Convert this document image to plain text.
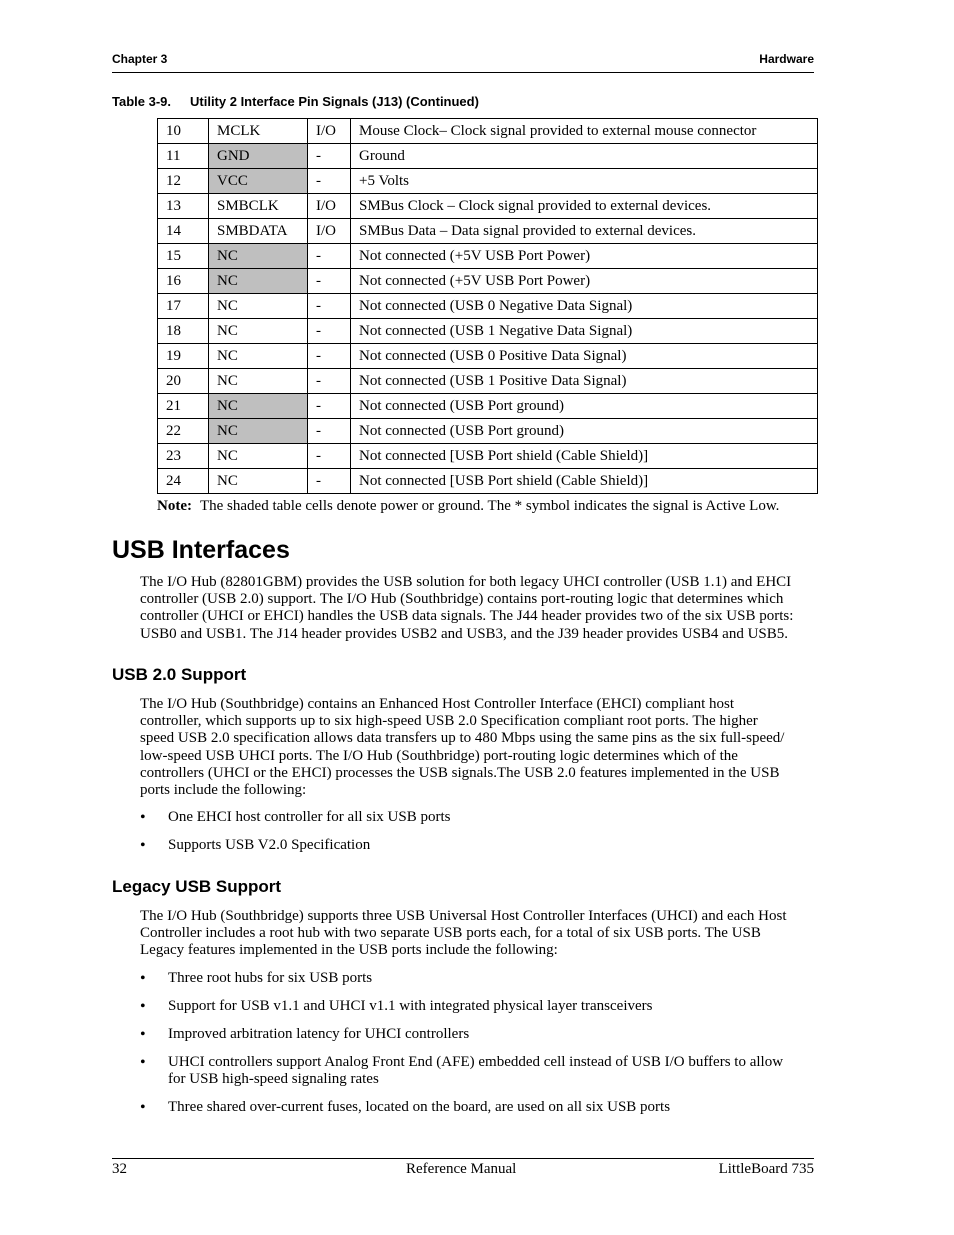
Chapter 3	Hardware
Table 3-9. Utility 2 Interface Pin Signals (J13) (Continued)
10	MCLK	I/O	Mouse Clock– Clock signal provided to external mouse connector
11	GND	-	Ground
12	VCC	-	+5 Volts
13	SMBCLK	I/O	SMBus Clock – Clock signal provided to external devices.
14	SMBDATA	I/O	SMBus Data – Data signal provided to external devices.
15	NC	-	Not connected (+5V USB Port Power)
16	NC	-	Not connected (+5V USB Port Power)
17	NC	-	Not connected (USB 0 Negative Data Signal)
18	NC	-	Not connected (USB 1 Negative Data Signal)
19	NC	-	Not connected (USB 0 Positive Data Signal)
20	NC	-	Not connected (USB 1 Positive Data Signal)
21	NC	-	Not connected (USB Port ground)
22	NC	-	Not connected (USB Port ground)
23	NC	-	Not connected [USB Port shield (Cable Shield)]
24	NC	-	Not connected [USB Port shield (Cable Shield)]
Note: The shaded table cells denote power or ground. The * symbol indicates the signal is Active Low.
USB Interfaces

The I/O Hub (82801GBM) provides the USB solution for both legacy UHCI controller (USB 1.1) and EHCI
controller (USB 2.0) support. The I/O Hub (Southbridge) contains port-routing logic that determines which
controller (UHCI or EHCI) handles the USB data signals. The J44 header provides two of the six USB ports:
USB0 and USB1. The J14 header provides USB2 and USB3, and the J39 header provides USB4 and USB5.

USB 2.0 Support

The I/O Hub (Southbridge) contains an Enhanced Host Controller Interface (EHCI) compliant host
controller, which supports up to six high-speed USB 2.0 Specification compliant root ports. The higher
speed USB 2.0 specification allows data transfers up to 480 Mbps using the same pins as the six full-speed/
low-speed USB UHCI ports. The I/O Hub (Southbridge) port-routing logic determines which of the
controllers (UHCI or the EHCI) processes the USB signals.The USB 2.0 features implemented in the USB
ports include the following:

• One EHCI host controller for all six USB ports
• Supports USB V2.0 Specification
Legacy USB Support

The I/O Hub (Southbridge) supports three USB Universal Host Controller Interfaces (UHCI) and each Host
Controller includes a root hub with two separate USB ports each, for a total of six USB ports. The USB
Legacy features implemented in the USB ports include the following:

• Three root hubs for six USB ports
• Support for USB v1.1 and UHCI v1.1 with integrated physical layer transceivers
• Improved arbitration latency for UHCI controllers
• UHCI controllers support Analog Front End (AFE) embedded cell instead of USB I/O buffers to allow
for USB high-speed signaling rates
• Three shared over-current fuses, located on the board, are used on all six USB ports
32	Reference Manual	LittleBoard 735
